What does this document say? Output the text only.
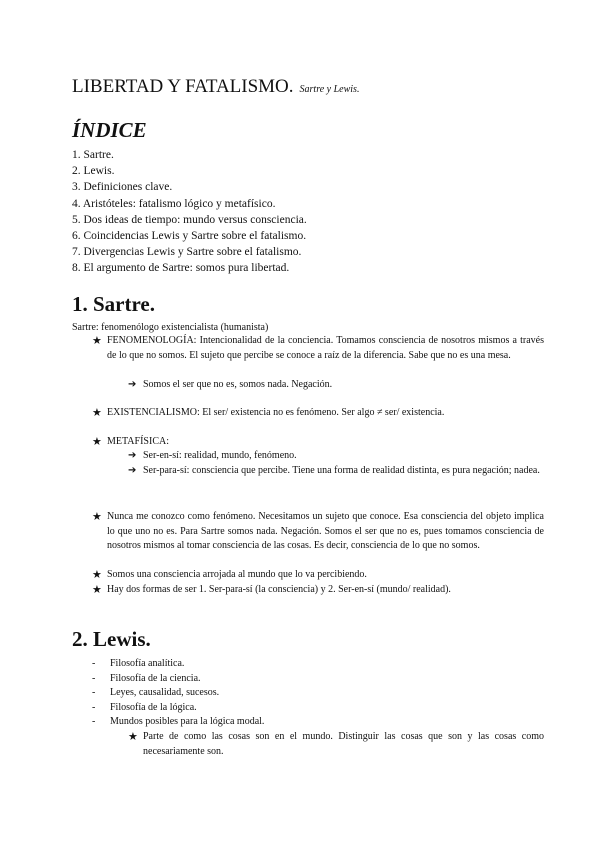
LIBERTAD Y FATALISMO. Sartre y Lewis.
ÍNDICE
1. Sartre.
2. Lewis.
3. Definiciones clave.
4. Aristóteles: fatalismo lógico y metafísico.
5. Dos ideas de tiempo: mundo versus consciencia.
6. Coincidencias Lewis y Sartre sobre el fatalismo.
7. Divergencias Lewis y Sartre sobre el fatalismo.
8. El argumento de Sartre: somos pura libertad.
1. Sartre.
Sartre: fenomenólogo existencialista (humanista)
★ FENOMENOLOGÍA: Intencionalidad de la conciencia. Tomamos consciencia de nosotros mismos a través de lo que no somos. El sujeto que percibe se conoce a raíz de la diferencia. Sabe que no es una mesa.
➔ Somos el ser que no es, somos nada. Negación.
★ EXISTENCIALISMO: El ser/ existencia no es fenómeno. Ser algo ≠ ser/ existencia.
★ METAFÍSICA:
➔ Ser-en-sí: realidad, mundo, fenómeno.
➔ Ser-para-sí: consciencia que percibe. Tiene una forma de realidad distinta, es pura negación; nadea.
★ Nunca me conozco como fenómeno. Necesitamos un sujeto que conoce. Esa consciencia del objeto implica lo que uno no es. Para Sartre somos nada. Negación. Somos el ser que no es, pues tomamos consciencia de nosotros mismos al tomar consciencia de las cosas. Es decir, consciencia de lo que no somos.
★ Somos una consciencia arrojada al mundo que lo va percibiendo.
★ Hay dos formas de ser 1. Ser-para-sí (la consciencia) y 2. Ser-en-sí (mundo/ realidad).
2. Lewis.
- Filosofía analítica.
- Filosofía de la ciencia.
- Leyes, causalidad, sucesos.
- Filosofía de la lógica.
- Mundos posibles para la lógica modal.
★ Parte de como las cosas son en el mundo. Distinguir las cosas que son y las cosas como necesariamente son.
